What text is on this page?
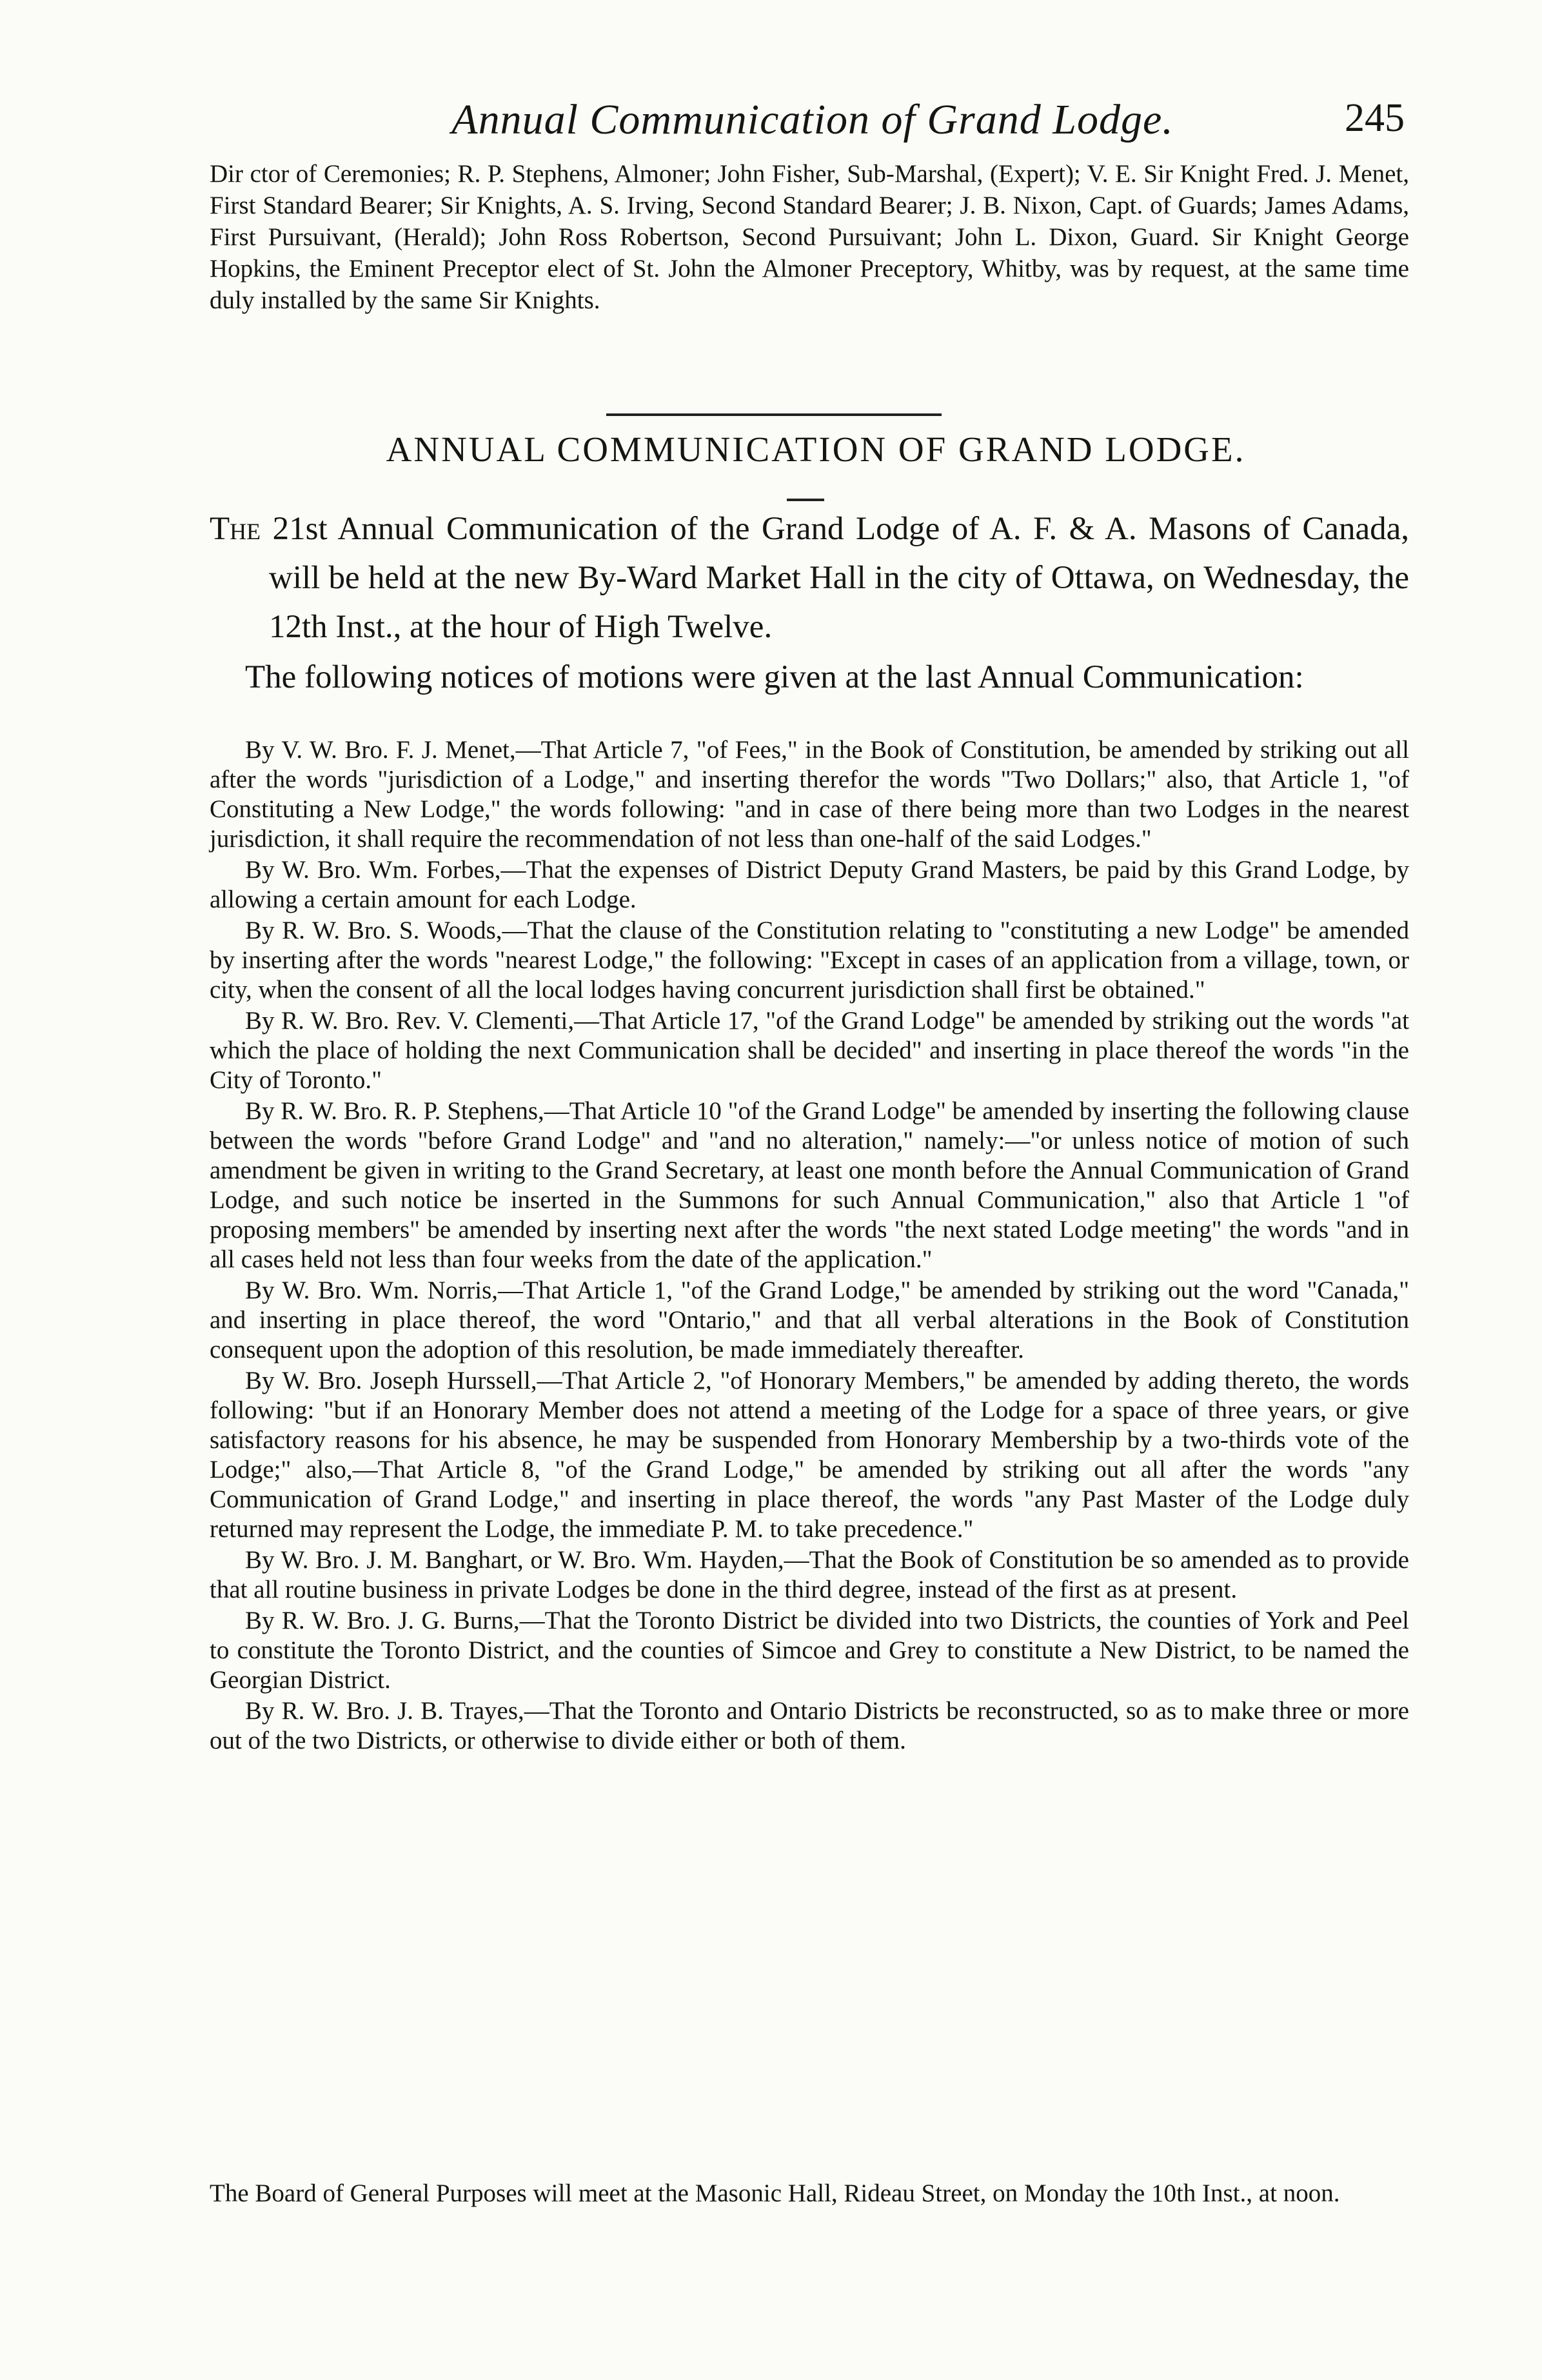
Annual Communication of Grand Lodge.	245
Dir ctor of Ceremonies; R. P. Stephens, Almoner; John Fisher, Sub-Marshal, (Expert); V. E. Sir Knight Fred. J. Menet, First Standard Bearer; Sir Knights, A. S. Irving, Second Standard Bearer; J. B. Nixon, Capt. of Guards; James Adams, First Pursuivant, (Herald); John Ross Robertson, Second Pursuivant; John L. Dixon, Guard. Sir Knight George Hopkins, the Eminent Preceptor elect of St. John the Almoner Preceptory, Whitby, was by request, at the same time duly installed by the same Sir Knights.
ANNUAL COMMUNICATION OF GRAND LODGE.

The 21st Annual Communication of the Grand Lodge of A. F. & A. Masons of Canada, will be held at the new By-Ward Market Hall in the city of Ottawa, on Wednesday, the 12th Inst., at the hour of High Twelve.

The following notices of motions were given at the last Annual Communication:

By V. W. Bro. F. J. Menet,—That Article 7, "of Fees," in the Book of Constitution, be amended by striking out all after the words "jurisdiction of a Lodge," and inserting therefor the words "Two Dollars;" also, that Article 1, "of Constituting a New Lodge," the words following: "and in case of there being more than two Lodges in the nearest jurisdiction, it shall require the recommendation of not less than one-half of the said Lodges."

By W. Bro. Wm. Forbes,—That the expenses of District Deputy Grand Masters, be paid by this Grand Lodge, by allowing a certain amount for each Lodge.

By R. W. Bro. S. Woods,—That the clause of the Constitution relating to "constituting a new Lodge" be amended by inserting after the words "nearest Lodge," the following: "Except in cases of an application from a village, town, or city, when the consent of all the local lodges having concurrent jurisdiction shall first be obtained."

By R. W. Bro. Rev. V. Clementi,—That Article 17, "of the Grand Lodge" be amended by striking out the words "at which the place of holding the next Communication shall be decided" and inserting in place thereof the words "in the City of Toronto."

By R. W. Bro. R. P. Stephens,—That Article 10 "of the Grand Lodge" be amended by inserting the following clause between the words "before Grand Lodge" and "and no alteration," namely:—"or unless notice of motion of such amendment be given in writing to the Grand Secretary, at least one month before the Annual Communication of Grand Lodge, and such notice be inserted in the Summons for such Annual Communication," also that Article 1 "of proposing members" be amended by inserting next after the words "the next stated Lodge meeting" the words "and in all cases held not less than four weeks from the date of the application."

By W. Bro. Wm. Norris,—That Article 1, "of the Grand Lodge," be amended by striking out the word "Canada," and inserting in place thereof, the word "Ontario," and that all verbal alterations in the Book of Constitution consequent upon the adoption of this resolution, be made immediately thereafter.

By W. Bro. Joseph Hurssell,—That Article 2, "of Honorary Members," be amended by adding thereto, the words following: "but if an Honorary Member does not attend a meeting of the Lodge for a space of three years, or give satisfactory reasons for his absence, he may be suspended from Honorary Membership by a two-thirds vote of the Lodge;" also,—That Article 8, "of the Grand Lodge," be amended by striking out all after the words "any Communication of Grand Lodge," and inserting in place thereof, the words "any Past Master of the Lodge duly returned may represent the Lodge, the immediate P. M. to take precedence."

By W. Bro. J. M. Banghart, or W. Bro. Wm. Hayden,—That the Book of Constitution be so amended as to provide that all routine business in private Lodges be done in the third degree, instead of the first as at present.

By R. W. Bro. J. G. Burns,—That the Toronto District be divided into two Districts, the counties of York and Peel to constitute the Toronto District, and the counties of Simcoe and Grey to constitute a New District, to be named the Georgian District.

By R. W. Bro. J. B. Trayes,—That the Toronto and Ontario Districts be reconstructed, so as to make three or more out of the two Districts, or otherwise to divide either or both of them.

The Board of General Purposes will meet at the Masonic Hall, Rideau Street, on Monday the 10th Inst., at noon.
